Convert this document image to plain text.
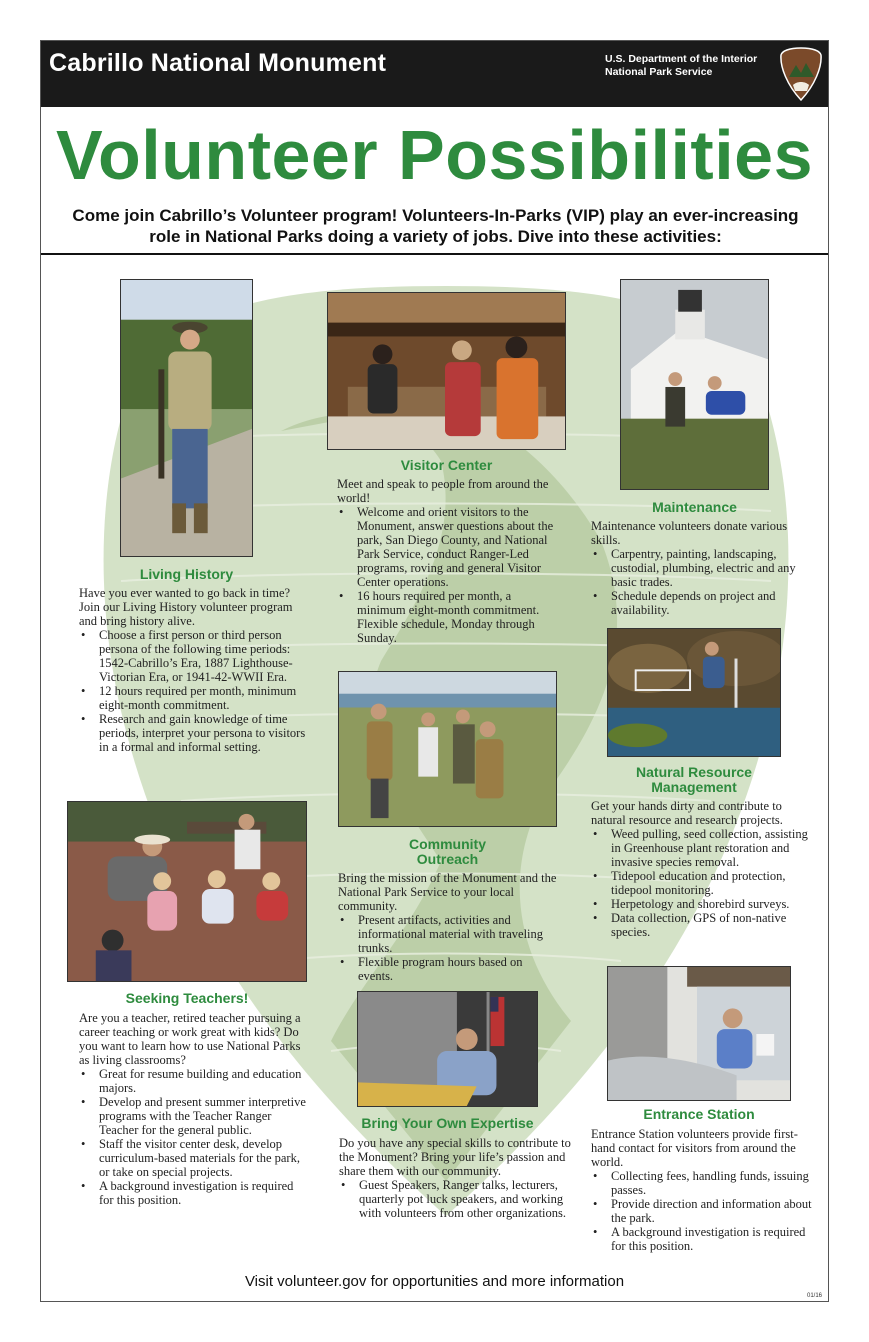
Cabrillo National Monument	U.S. Department of the Interior
National Park Service
Volunteer Possibilities
Come join Cabrillo’s Volunteer program! Volunteers-In-Parks (VIP) play an ever-increasing
role in National Parks doing a variety of jobs. Dive into these activities:
Living History

Have you ever wanted to go back in time? Join our Living History volunteer program and bring history alive.

• Choose a first person or third person persona of the following time periods: 1542-Cabrillo’s Era, 1887 Lighthouse-Victorian Era, or 1941-42-WWII Era.
• 12 hours required per month, minimum eight-month commitment.
• Research and gain knowledge of time periods, interpret your persona to visitors in a formal and informal setting.
Visitor Center

Meet and speak to people from around the world!

• Welcome and orient visitors to the Monument, answer questions about the park, San Diego County, and National Park Service, conduct Ranger-Led programs, roving and general Visitor Center operations.
• 16 hours required per month, a minimum eight-month commitment. Flexible schedule, Monday through Sunday.
Maintenance

Maintenance volunteers donate various skills.

• Carpentry, painting, landscaping, custodial, plumbing, electric and any basic trades.
• Schedule depends on project and availability.
Natural Resource
Management

Get your hands dirty and contribute to natural resource and research projects.

• Weed pulling, seed collection, assisting in Greenhouse plant restoration and invasive species removal.
• Tidepool education and protection, tidepool monitoring.
• Herpetology and shorebird surveys.
• Data collection, GPS of non-native species.
Community
Outreach

Bring the mission of the Monument and the National Park Service to your local community.

• Present artifacts, activities and informational material with traveling trunks.
• Flexible program hours based on events.
Seeking Teachers!

Are you a teacher, retired teacher pursuing a career teaching or work great with kids? Do you want to learn how to use National Parks as living classrooms?

• Great for resume building and education majors.
• Develop and present summer interpretive programs with the Teacher Ranger Teacher for the general public.
• Staff the visitor center desk, develop curriculum-based materials for the park, or take on special projects.
• A background investigation is required for this position.
Bring Your Own Expertise

Do you have any special skills to contribute to the Monument? Bring your life’s passion and share them with our community.

• Guest Speakers, Ranger talks, lecturers, quarterly pot luck speakers, and working with volunteers from other organizations.
Entrance Station

Entrance Station volunteers provide first-hand contact for visitors from around the world.

• Collecting fees, handling funds, issuing passes.
• Provide direction and information about the park.
• A background investigation is required for this position.
Visit volunteer.gov for opportunities and more information
01/16
